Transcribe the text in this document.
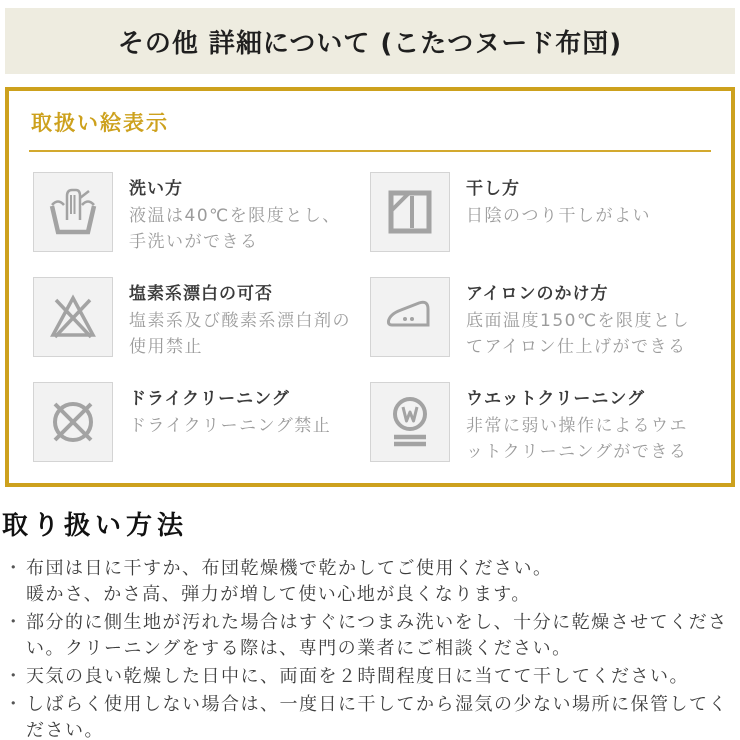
その他 詳細について (こたつヌード布団)
取扱い絵表示
洗い方
液温は40℃を限度とし、手洗いができる
干し方
日陰のつり干しがよい
塩素系漂白の可否
塩素系及び酸素系漂白剤の使用禁止
アイロンのかけ方
底面温度150℃を限度としてアイロン仕上げができる
ドライクリーニング
ドライクリーニング禁止
ウエットクリーニング
非常に弱い操作によるウエットクリーニングができる
取り扱い方法
・ 布団は日に干すか、布団乾燥機で乾かしてご使用ください。
暖かさ、かさ高、弾力が増して使い心地が良くなります。
・ 部分的に側生地が汚れた場合はすぐにつまみ洗いをし、十分に乾燥させてください。クリーニングをする際は、専門の業者にご相談ください。
・ 天気の良い乾燥した日中に、両面を２時間程度日に当てて干してください。
・ しばらく使用しない場合は、一度日に干してから湿気の少ない場所に保管してください。
